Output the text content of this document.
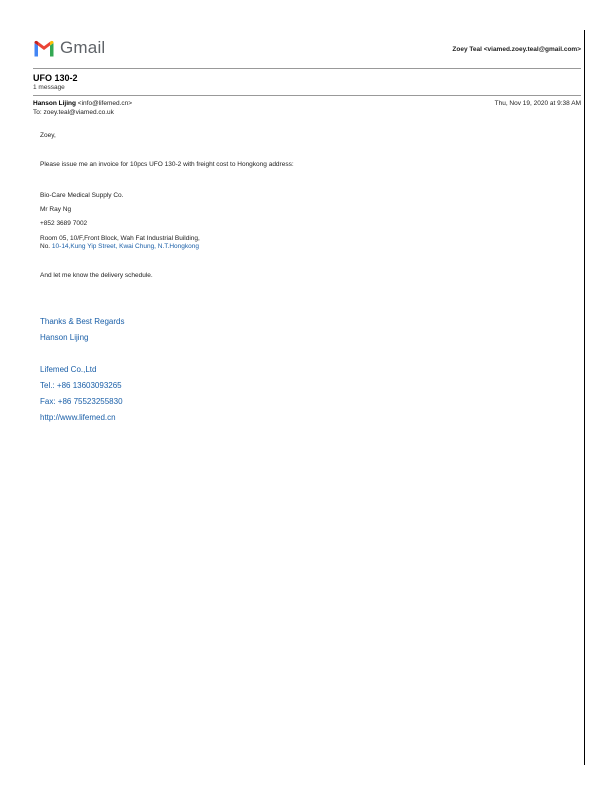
Gmail	Zoey Teal <viamed.zoey.teal@gmail.com>
UFO 130-2
1 message
Hanson Lijing <info@lifemed.cn>	Thu, Nov 19, 2020 at 9:38 AM
To: zoey.teal@viamed.co.uk
Zoey,
Please issue me an invoice for 10pcs UFO 130-2 with freight cost to Hongkong address:
Bio-Care Medical Supply Co.
Mr Ray Ng
+852 3689 7002
Room 05, 10/F,Front Block, Wah Fat Industrial Building,
No. 10-14,Kung Yip Street, Kwai Chung, N.T.Hongkong
And let me know the delivery schedule.
Thanks & Best Regards
Hanson Lijing
Lifemed Co.,Ltd
Tel.: +86 13603093265
Fax: +86 75523255830
http://www.lifemed.cn
